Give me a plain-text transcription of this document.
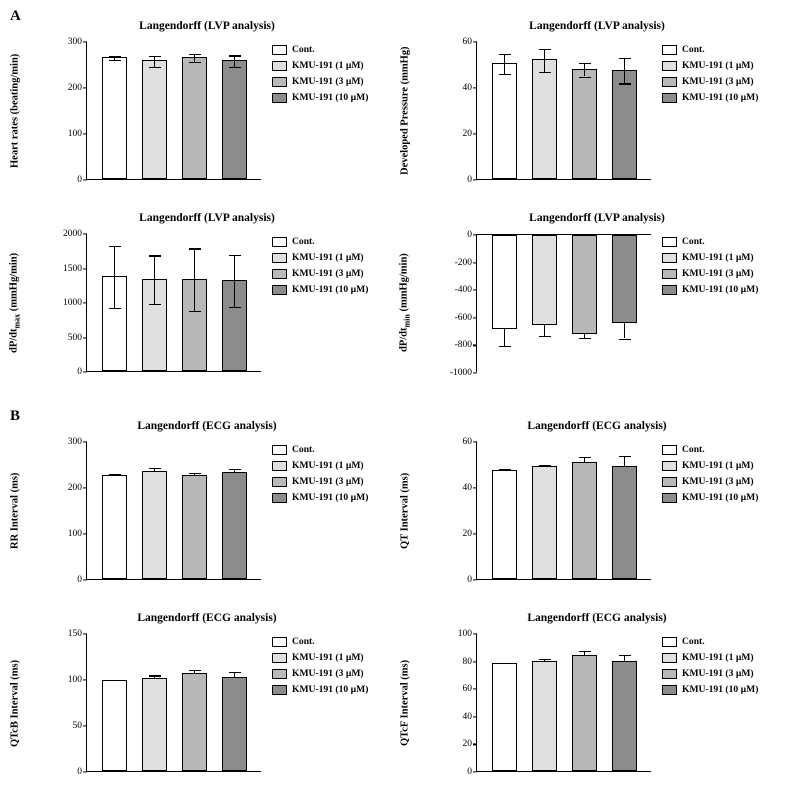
A
B
Langendorff (LVP analysis)
Heart rates (beating/min)
0
100
200
300
Cont.
KMU-191 (1 µM)
KMU-191 (3 µM)
KMU-191 (10 µM)
Langendorff (LVP analysis)
Developed Pressure (mmHg)
0
20
40
60
Cont.
KMU-191 (1 µM)
KMU-191 (3 µM)
KMU-191 (10 µM)
Langendorff (LVP analysis)
$dP/dt_{max}$ (mmHg/min)
0
500
1000
1500
2000
Cont.
KMU-191 (1 µM)
KMU-191 (3 µM)
KMU-191 (10 µM)
Langendorff (LVP analysis)
$dP/dt_{min}$ (mmHg/min)
0
-200
-400
-600
-800
-1000
Cont.
KMU-191 (1 µM)
KMU-191 (3 µM)
KMU-191 (10 µM)
Langendorff (ECG analysis)
RR Interval (ms)
0
100
200
300
Cont.
KMU-191 (1 µM)
KMU-191 (3 µM)
KMU-191 (10 µM)
Langendorff (ECG analysis)
QT Interval (ms)
0
20
40
60
Cont.
KMU-191 (1 µM)
KMU-191 (3 µM)
KMU-191 (10 µM)
Langendorff (ECG analysis)
QTcB Interval (ms)
0
50
100
150
Cont.
KMU-191 (1 µM)
KMU-191 (3 µM)
KMU-191 (10 µM)
Langendorff (ECG analysis)
QTcF Interval (ms)
0
20
40
60
80
100
Cont.
KMU-191 (1 µM)
KMU-191 (3 µM)
KMU-191 (10 µM)
